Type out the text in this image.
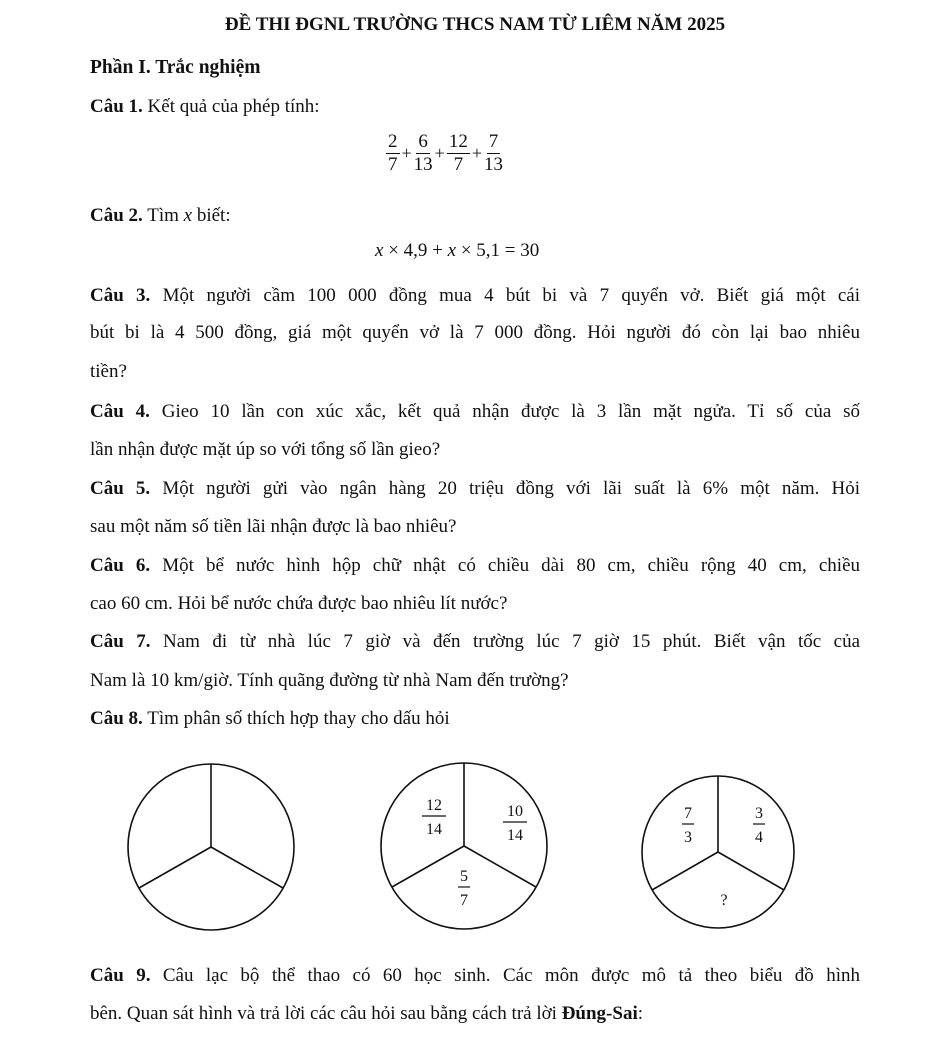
ĐỀ THI ĐGNL TRƯỜNG THCS NAM TỪ LIÊM NĂM 2025
Phần I. Trắc nghiệm
Câu 1. Kết quả của phép tính:
$\frac{2}{7} + \frac{6}{13} + \frac{12}{7} + \frac{7}{13}$
Câu 2. Tìm x biết:
x × 4,9 + x × 5,1 = 30
Câu 3. Một người cầm 100 000 đồng mua 4 bút bi và 7 quyển vở. Biết giá một cái
bút bi là 4 500 đồng, giá một quyển vở là 7 000 đồng. Hỏi người đó còn lại bao nhiêu
tiền?
Câu 4. Gieo 10 lần con xúc xắc, kết quả nhận được là 3 lần mặt ngửa. Tỉ số của số
lần nhận được mặt úp so với tổng số lần gieo?
Câu 5. Một người gửi vào ngân hàng 20 triệu đồng với lãi suất là 6% một năm. Hỏi
sau một năm số tiền lãi nhận được là bao nhiêu?
Câu 6. Một bể nước hình hộp chữ nhật có chiều dài 80 cm, chiều rộng 40 cm, chiều
cao 60 cm. Hỏi bể nước chứa được bao nhiêu lít nước?
Câu 7. Nam đi từ nhà lúc 7 giờ và đến trường lúc 7 giờ 15 phút. Biết vận tốc của
Nam là 10 km/giờ. Tính quãng đường từ nhà Nam đến trường?
Câu 8. Tìm phân số thích hợp thay cho dấu hỏi
12
14
10
14
5
7
7
3
3
4
?
Câu 9. Câu lạc bộ thể thao có 60 học sinh. Các môn được mô tả theo biểu đồ hình
bên. Quan sát hình và trả lời các câu hỏi sau bằng cách trả lời Đúng-Sai:
